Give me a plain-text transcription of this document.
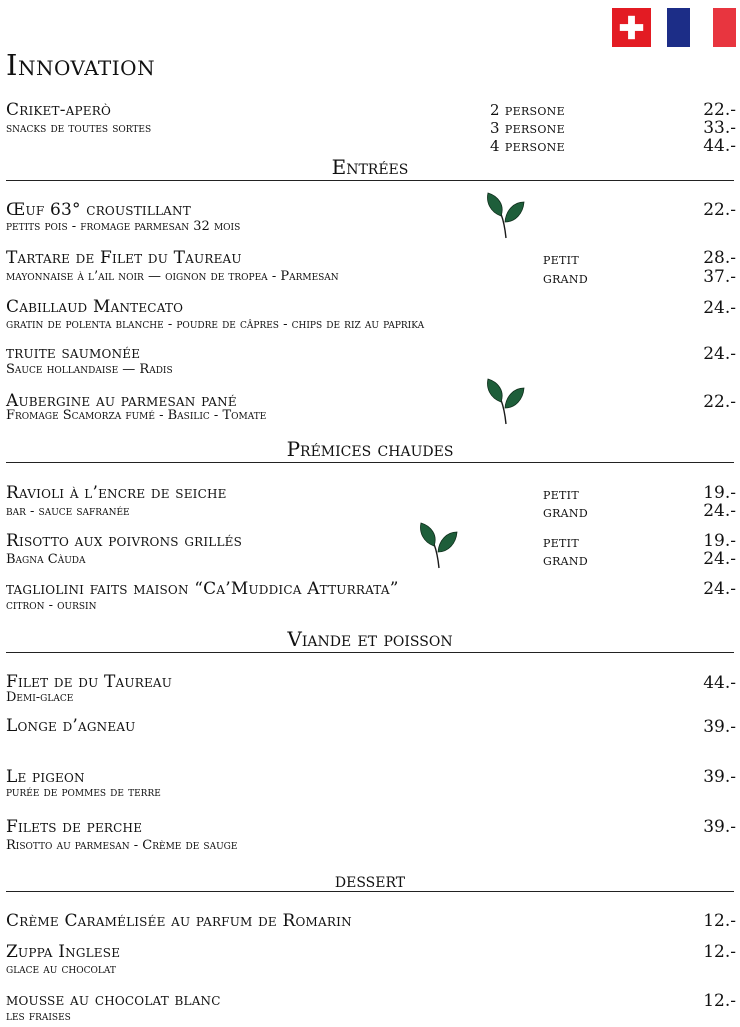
Innovation
Criket-aperò
snacks de toutes sortes
2 persone
3 persone
4 persone
22.-
33.-
44.-
Entrées
Œuf 63° croustillant
petits pois - fromage parmesan 32 mois
22.-
Tartare de Filet du Taureau
mayonnaise à l’ail noir — oignon de tropea - Parmesan
petit
grand
28.-
37.-
Cabillaud Mantecato
gratin de polenta blanche - poudre de câpres - chips de riz au paprika
24.-
truite saumonée
Sauce hollandaise — Radis
24.-
Aubergine au parmesan pané
Fromage Scamorza fumé - Basilic - Tomate
22.-
Prémices chaudes
Ravioli à l’encre de seiche
bar - sauce safranée
petit
grand
19.-
24.-
Risotto aux poivrons grillés
Bagna Càuda
petit
grand
19.-
24.-
tagliolini faits maison “Ca’Muddica Atturrata”
citron - oursin
24.-
Viande et poisson
Filet de du Taureau
Demi-glace
44.-
Longe d’agneau	39.-
Le pigeon
purée de pommes de terre
39.-
Filets de perche
Risotto au parmesan - Crème de sauge
39.-
dessert
Crème Caramélisée au parfum de Romarin	12.-
Zuppa Inglese
glace au chocolat
12.-
mousse au chocolat blanc
les fraises
12.-
